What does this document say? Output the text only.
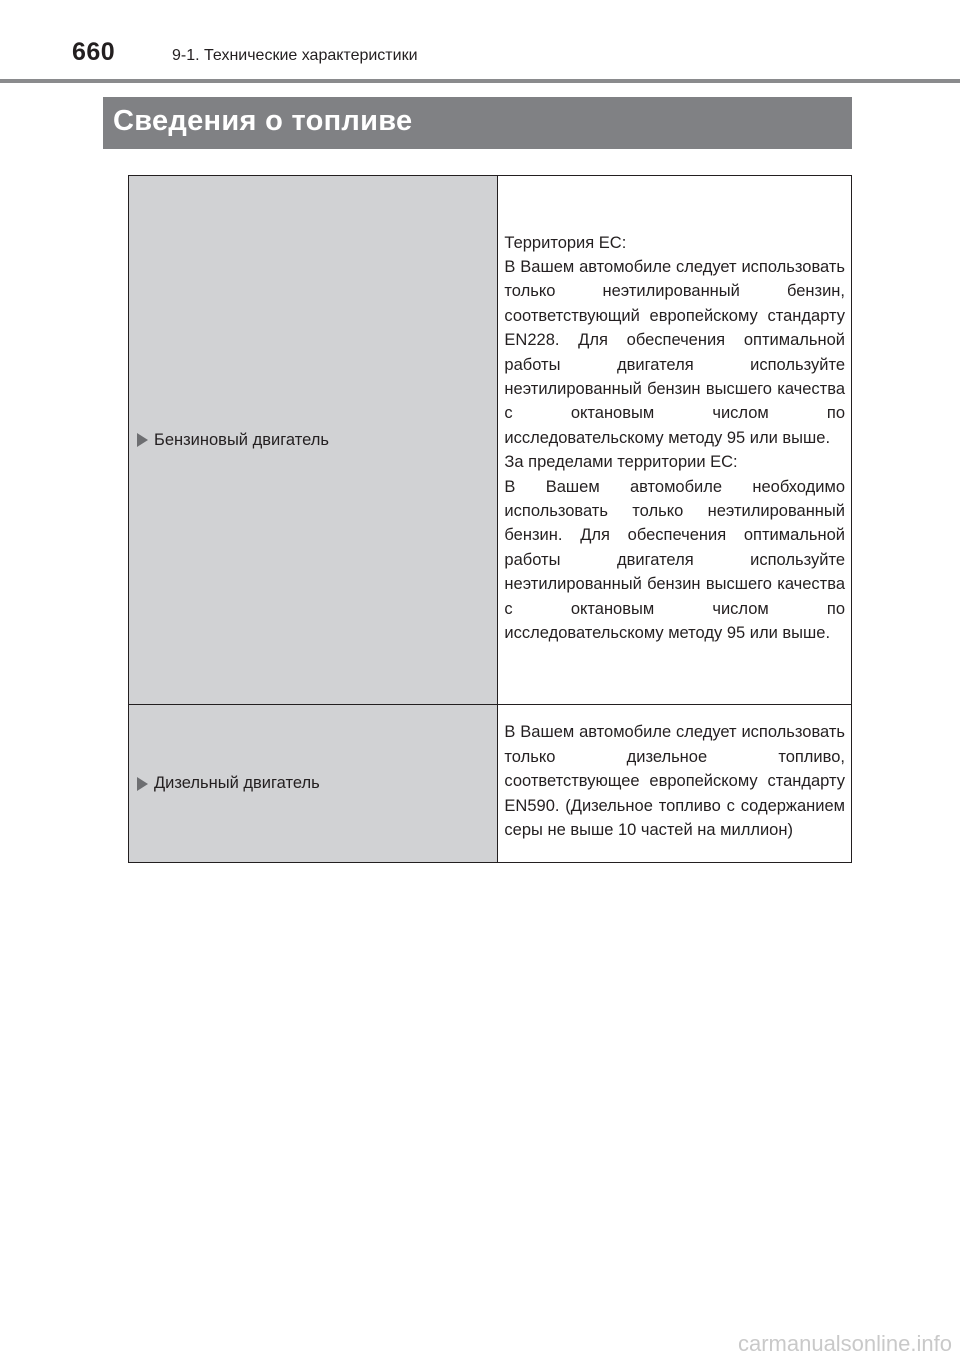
660	9-1. Технические характеристики
Сведения о топливе
Бензиновый двигатель	Территория ЕС:

В Вашем автомобиле следует использовать только неэтилированный бензин, соответствующий европейскому стандарту EN228. Для обеспечения оптимальной работы двигателя используйте неэтилированный бензин высшего качества с октановым числом по исследовательскому методу 95 или выше.

За пределами территории ЕС:

В Вашем автомобиле необходимо использовать только неэтилированный бензин. Для обеспечения оптимальной работы двигателя используйте неэтилированный бензин высшего качества с октановым числом по исследовательскому методу 95 или выше.

Дизельный двигатель	В Вашем автомобиле следует использовать только дизельное топливо, соответствующее европейскому стандарту EN590. (Дизельное топливо с содержанием серы не выше 10 частей на миллион)

carmanualsonline.info
